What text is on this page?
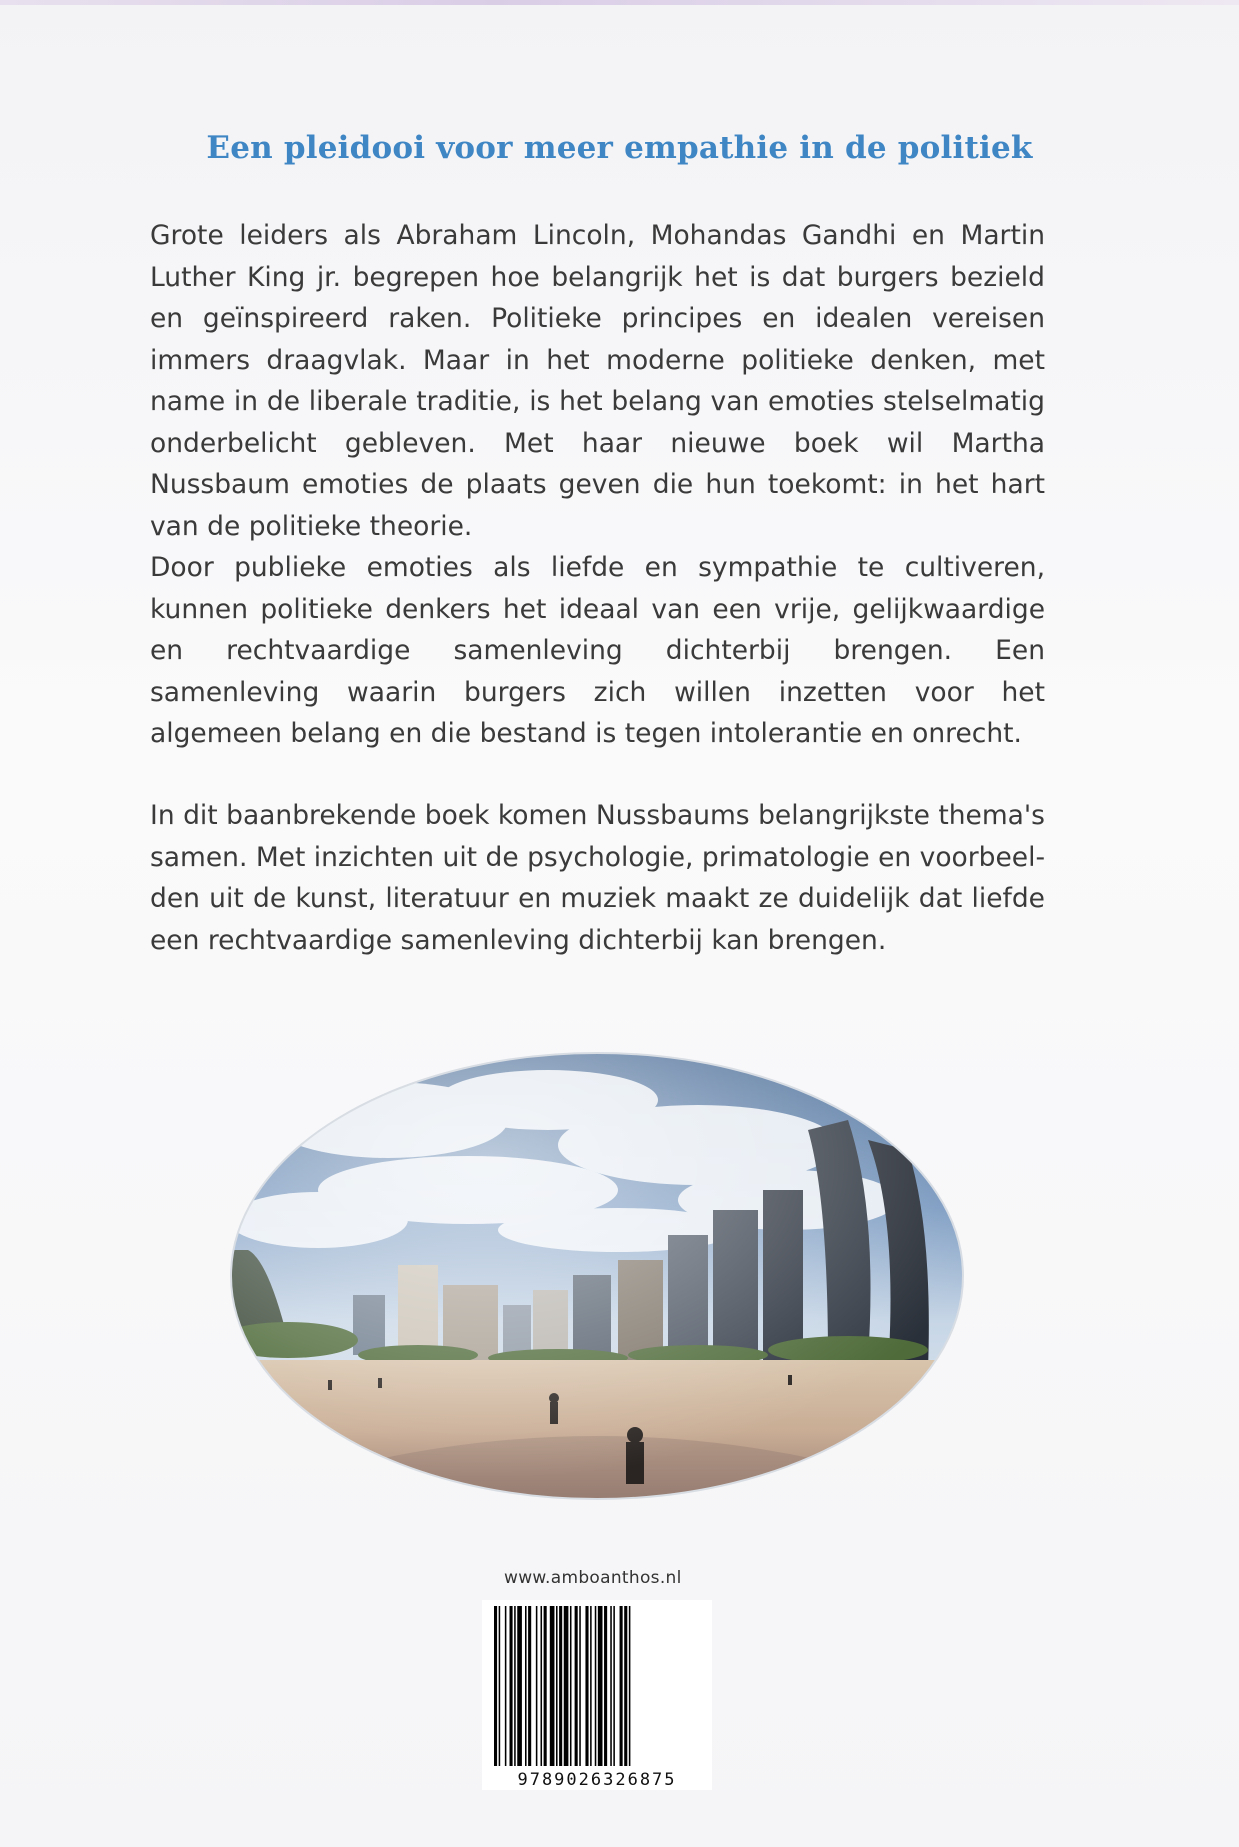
Een pleidooi voor meer empathie in de politiek

Grote leiders als Abraham Lincoln, Mohandas Gandhi en Martin Luther King jr. begrepen hoe belangrijk het is dat burgers bezield en geïnspireerd raken. Politieke principes en idealen vereisen immers draagvlak. Maar in het moderne politieke denken, met name in de liberale traditie, is het belang van emoties stelselmatig onderbelicht gebleven. Met haar nieuwe boek wil Martha Nussbaum emoties de plaats geven die hun toekomt: in het hart van de politieke theorie.

Door publieke emoties als liefde en sympathie te cultiveren, kunnen politieke denkers het ideaal van een vrije, gelijkwaardige en rechtvaardige samenleving dichterbij brengen. Een samenleving waarin burgers zich willen inzetten voor het algemeen belang en die bestand is tegen intolerantie en onrecht.

In dit baanbrekende boek komen Nussbaums belangrijkste thema's samen. Met inzichten uit de psychologie, primatologie en voorbeelden uit de kunst, literatuur en muziek maakt ze duidelijk dat liefde een rechtvaardige samenleving dichterbij kan brengen.

www.amboanthos.nl
9789026326875
